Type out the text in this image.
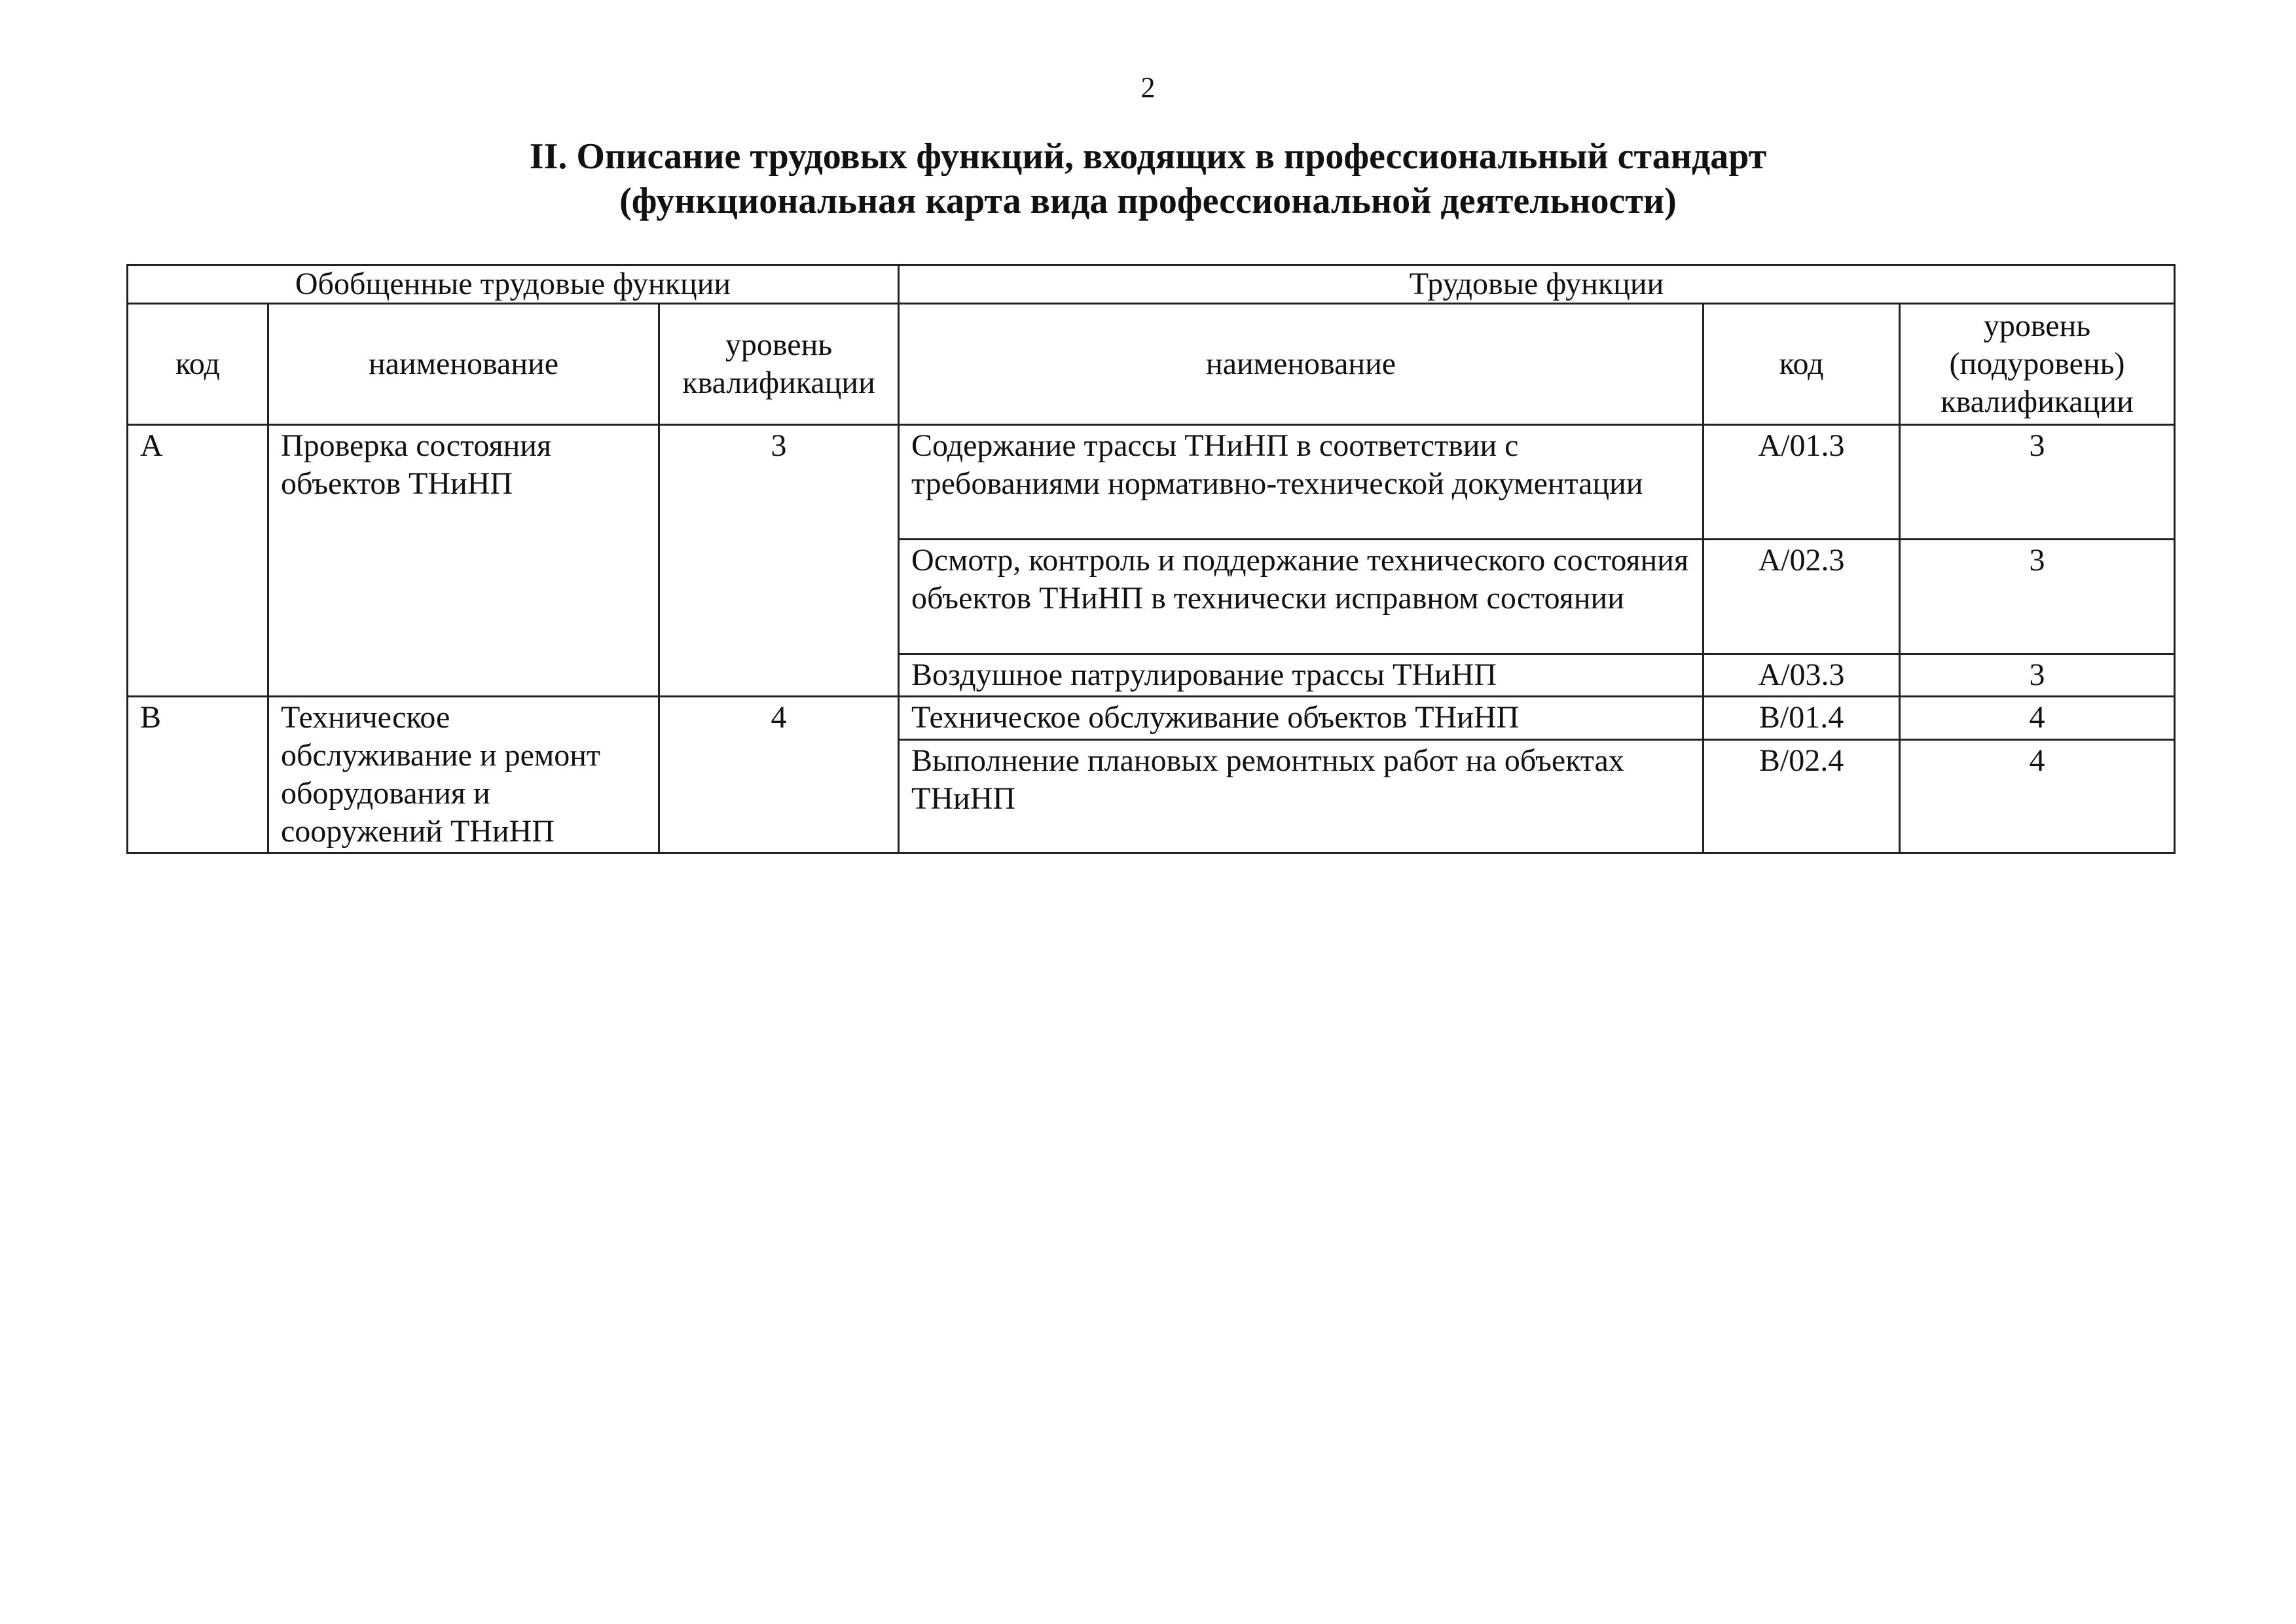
2
II. Описание трудовых функций, входящих в профессиональный стандарт
(функциональная карта вида профессиональной деятельности)
Обобщенные трудовые функции			Трудовые функции		
код	наименование	уровень квалификации	наименование	код	уровень (подуровень) квалификации
A	Проверка состояния объектов ТНиНП	3	Содержание трассы ТНиНП в соответствии с требованиями нормативно-технической документации	A/01.3	3
			Осмотр, контроль и поддержание технического состояния объектов ТНиНП в технически исправном состоянии	A/02.3	3
			Воздушное патрулирование трассы ТНиНП	A/03.3	3
B	Техническое обслуживание и ремонт оборудования и сооружений ТНиНП	4	Техническое обслуживание объектов ТНиНП	B/01.4	4
			Выполнение плановых ремонтных работ на объектах ТНиНП	B/02.4	4
